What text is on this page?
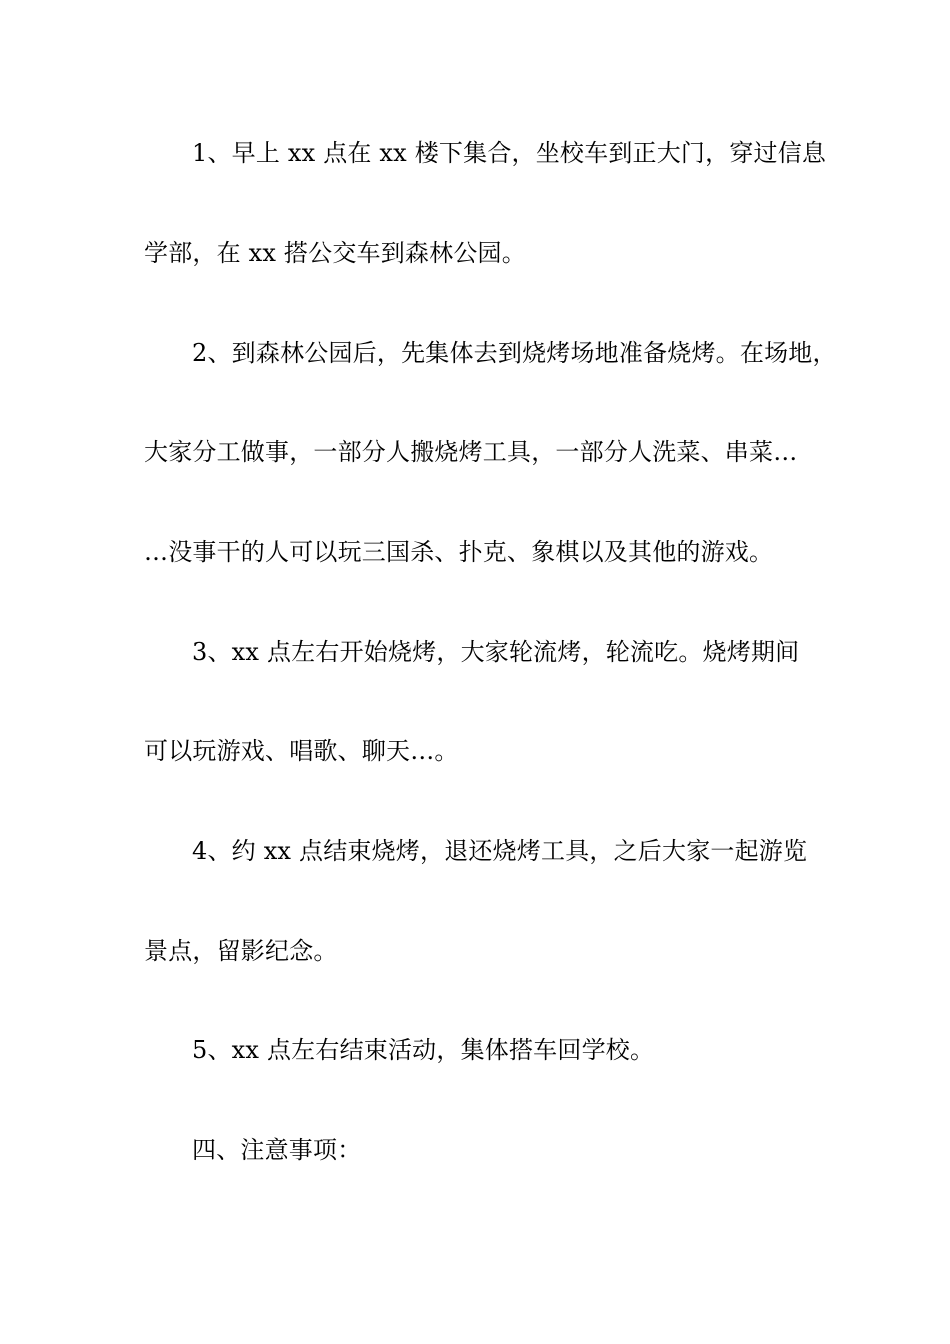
1、早上 xx 点在 xx 楼下集合，坐校车到正大门，穿过信息
学部，在 xx 搭公交车到森林公园。
2、到森林公园后，先集体去到烧烤场地准备烧烤。在场地，
大家分工做事，一部分人搬烧烤工具，一部分人洗菜、串菜…
…没事干的人可以玩三国杀、扑克、象棋以及其他的游戏。
3、xx 点左右开始烧烤，大家轮流烤，轮流吃。烧烤期间
可以玩游戏、唱歌、聊天…。
4、约 xx 点结束烧烤，退还烧烤工具，之后大家一起游览
景点，留影纪念。
5、xx 点左右结束活动，集体搭车回学校。
四、注意事项：
